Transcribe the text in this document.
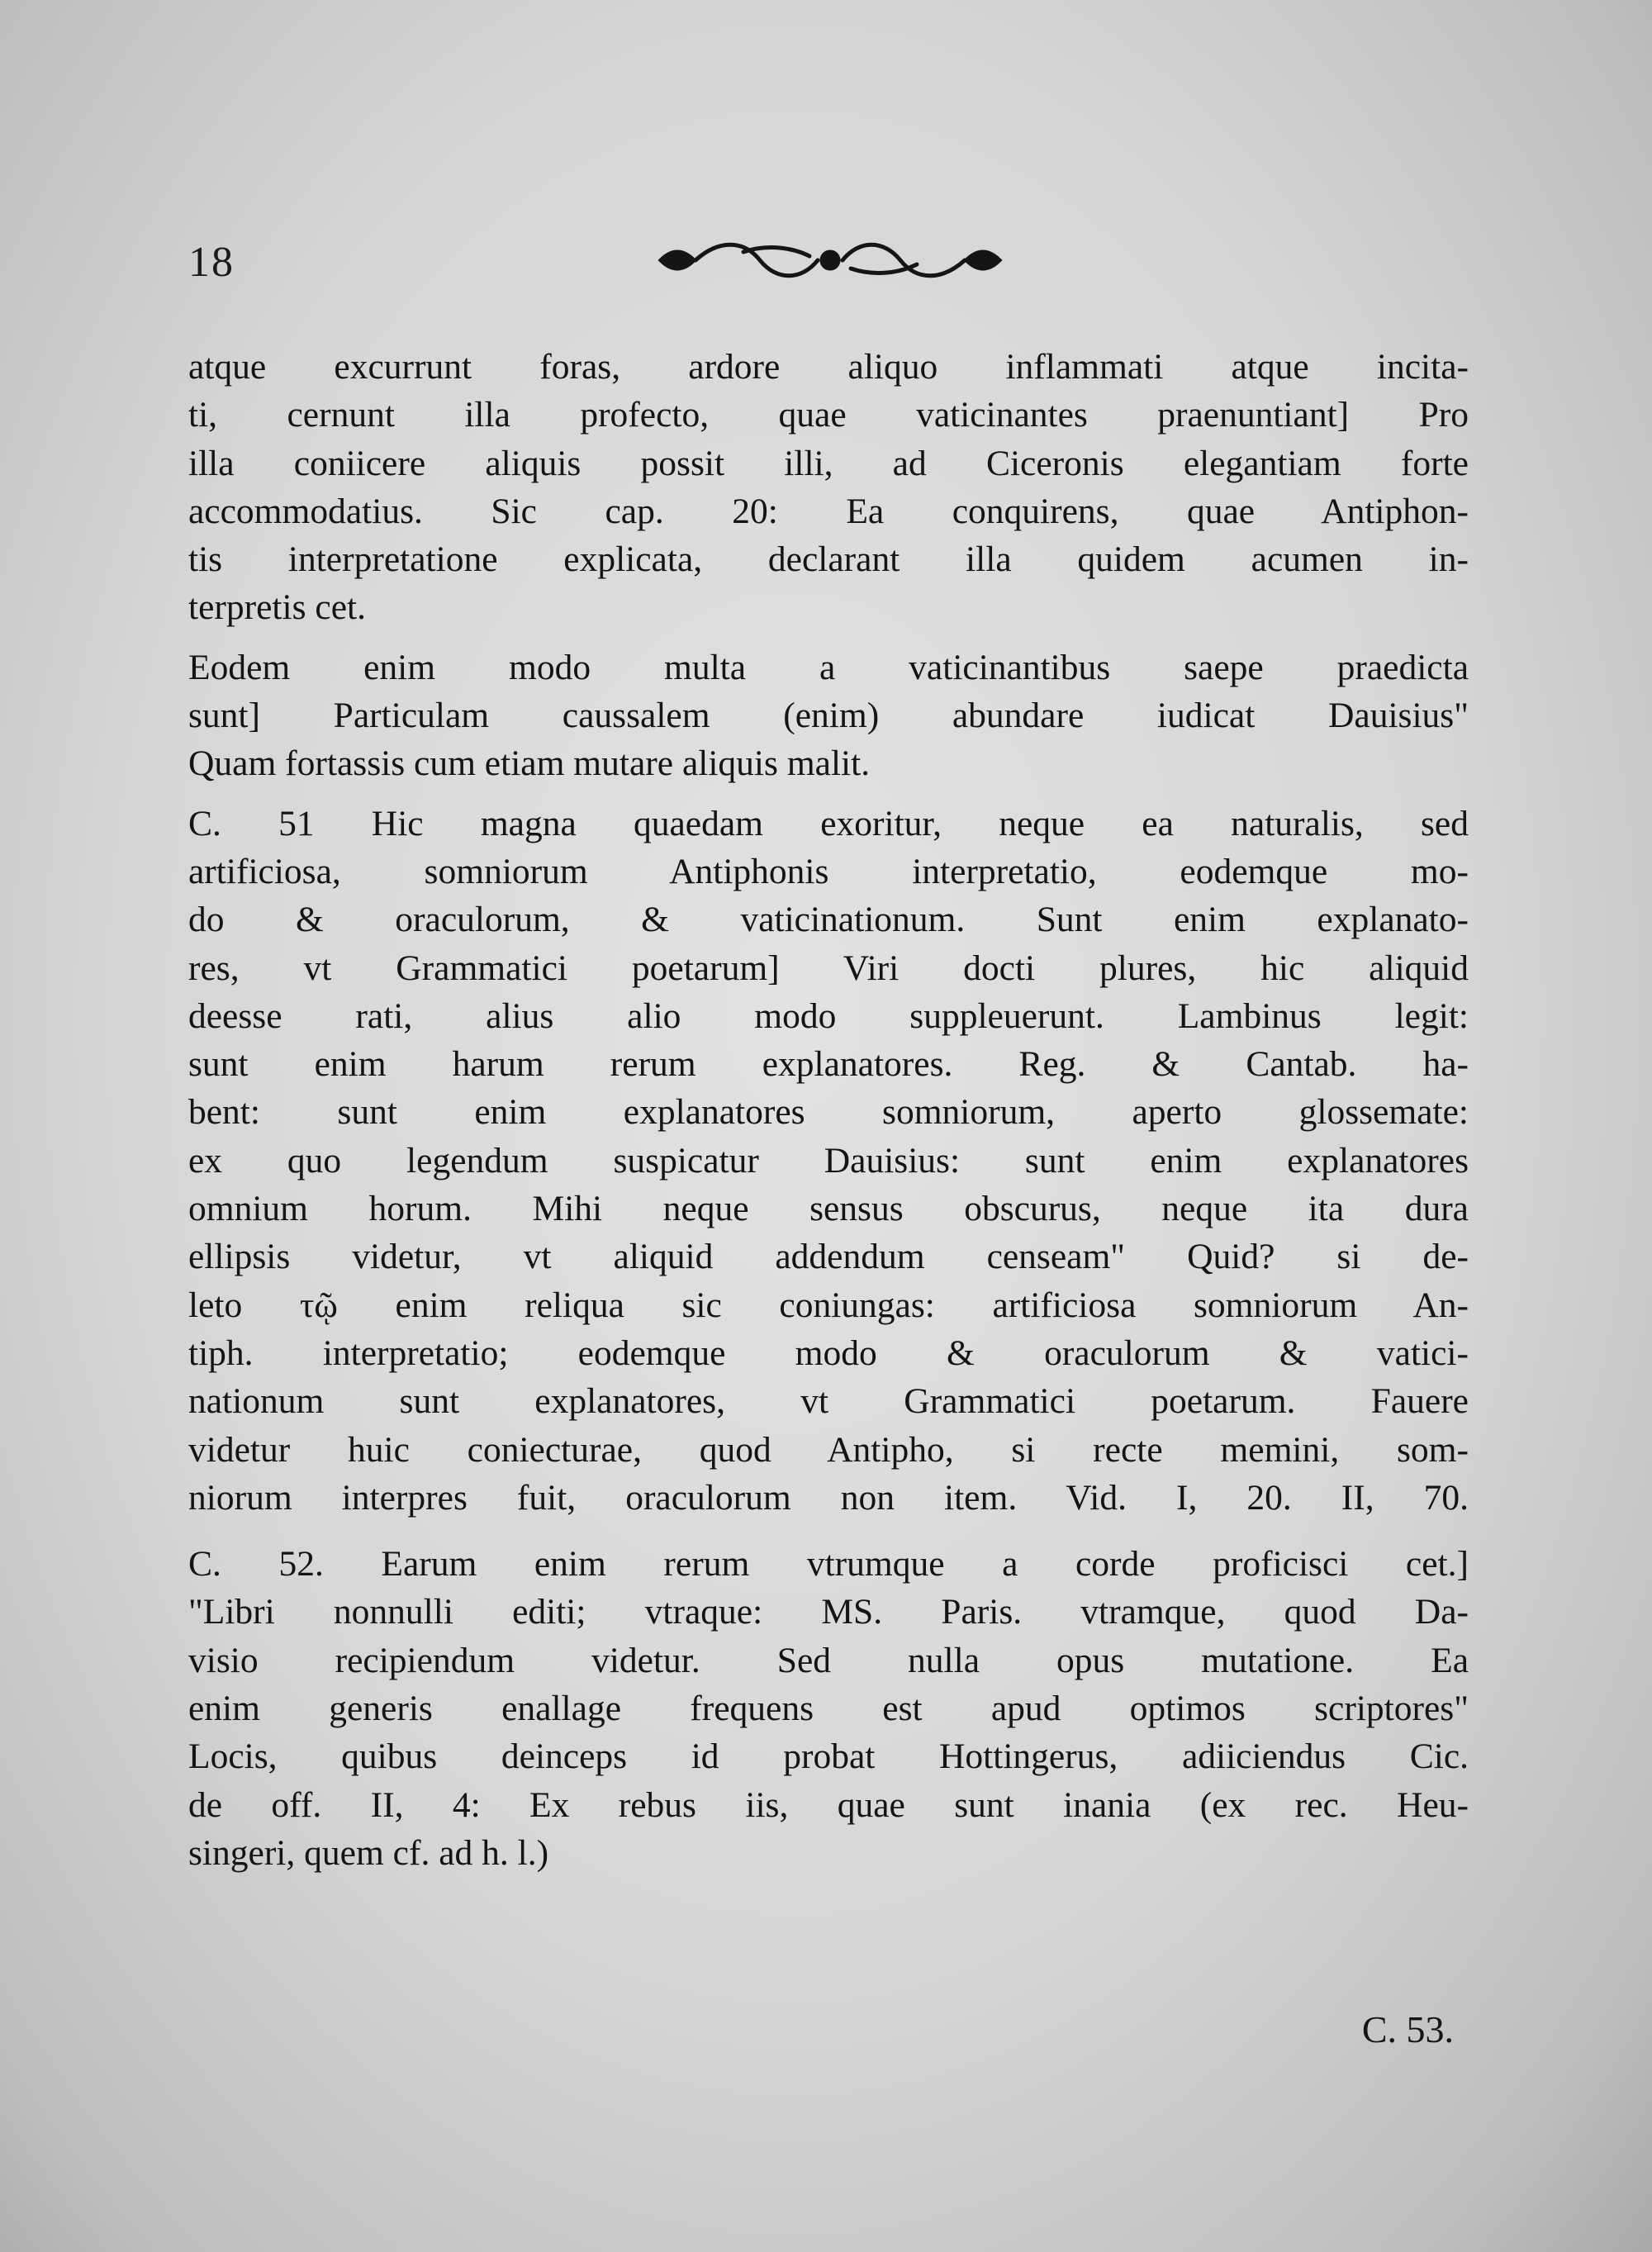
18
atque excurrunt foras, ardore aliquo inflammati atque incita-
ti, cernunt illa profecto, quae vaticinantes praenuntiant] Pro
illa coniicere aliquis possit illi, ad Ciceronis elegantiam forte
accommodatius. Sic cap. 20: Ea conquirens, quae Antiphon-
tis interpretatione explicata, declarant illa quidem acumen in-
terpretis cet.
Eodem enim modo multa a vaticinantibus saepe praedicta
sunt] Particulam caussalem (enim) abundare iudicat Dauisius"
Quam fortassis cum etiam mutare aliquis malit.
C. 51 Hic magna quaedam exoritur, neque ea naturalis, sed
artificiosa, somniorum Antiphonis interpretatio, eodemque mo-
do & oraculorum, & vaticinationum. Sunt enim explanato-
res, vt Grammatici poetarum] Viri docti plures, hic aliquid
deesse rati, alius alio modo suppleuerunt. Lambinus legit:
sunt enim harum rerum explanatores. Reg. & Cantab. ha-
bent: sunt enim explanatores somniorum, aperto glossemate:
ex quo legendum suspicatur Dauisius: sunt enim explanatores
omnium horum. Mihi neque sensus obscurus, neque ita dura
ellipsis videtur, vt aliquid addendum censeam" Quid? si de-
leto τῷ enim reliqua sic coniungas: artificiosa somniorum An-
tiph. interpretatio; eodemque modo & oraculorum & vatici-
nationum sunt explanatores, vt Grammatici poetarum. Fauere
videtur huic coniecturae, quod Antipho, si recte memini, som-
niorum interpres fuit, oraculorum non item. Vid. I, 20. II, 70.
C. 52. Earum enim rerum vtrumque a corde proficisci cet.]
"Libri nonnulli editi; vtraque: MS. Paris. vtramque, quod Da-
visio recipiendum videtur. Sed nulla opus mutatione. Ea
enim generis enallage frequens est apud optimos scriptores"
Locis, quibus deinceps id probat Hottingerus, adiiciendus Cic.
de off. II, 4: Ex rebus iis, quae sunt inania (ex rec. Heu-
singeri, quem cf. ad h. l.)
C. 53.
